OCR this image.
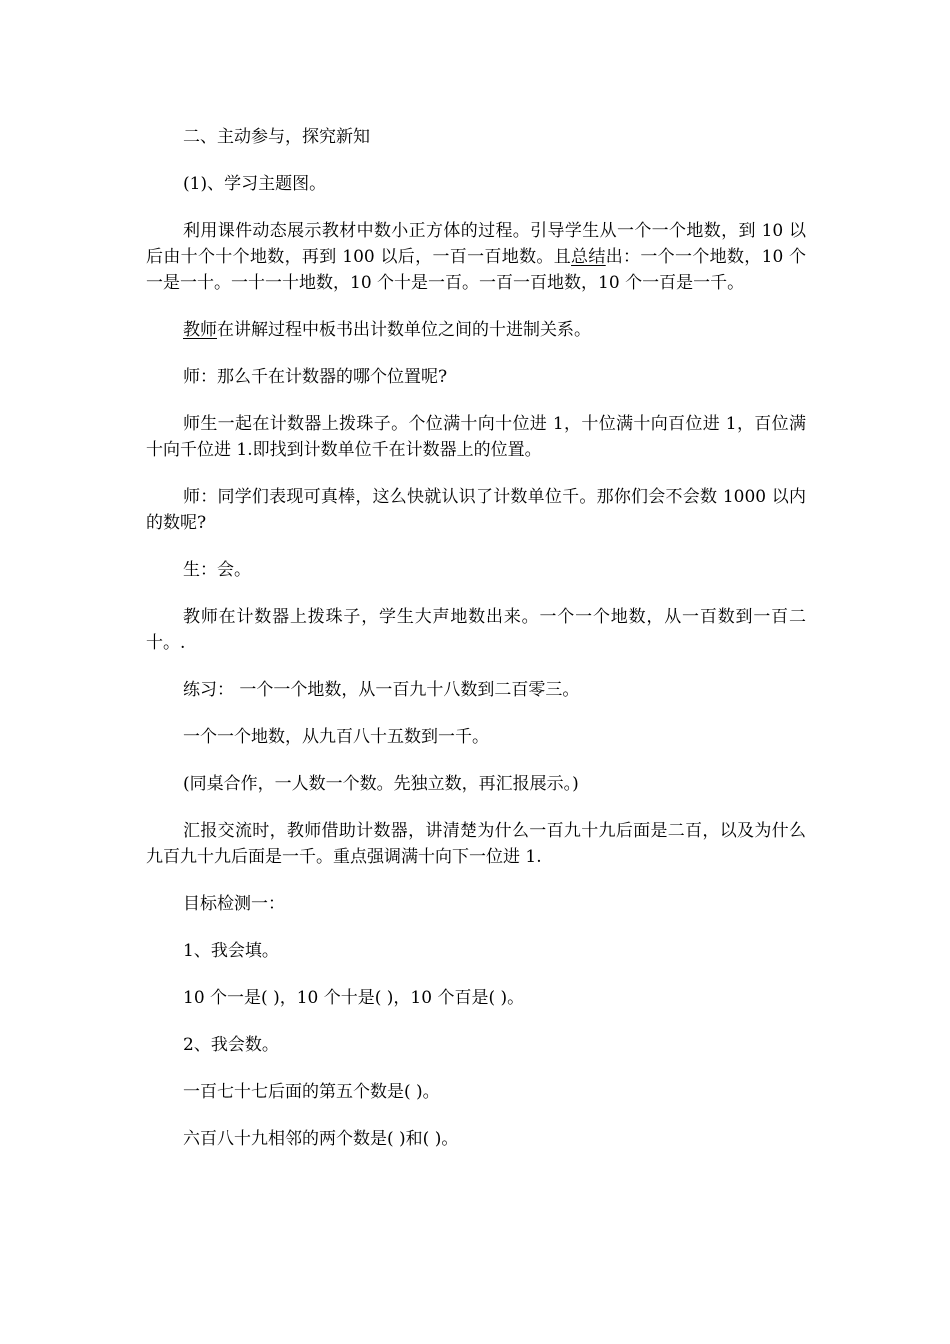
二、主动参与，探究新知

(1)、学习主题图。

利用课件动态展示教材中数小正方体的过程。引导学生从一个一个地数，到 10 以后由十个十个地数，再到 100 以后，一百一百地数。且总结出：一个一个地数，10 个一是一十。一十一十地数，10 个十是一百。一百一百地数，10 个一百是一千。

教师在讲解过程中板书出计数单位之间的十进制关系。

师：那么千在计数器的哪个位置呢?

师生一起在计数器上拨珠子。个位满十向十位进 1，十位满十向百位进 1，百位满十向千位进 1.即找到计数单位千在计数器上的位置。

师：同学们表现可真棒，这么快就认识了计数单位千。那你们会不会数 1000 以内的数呢?

生：会。

教师在计数器上拨珠子，学生大声地数出来。一个一个地数，从一百数到一百二十。.

练习： 一个一个地数，从一百九十八数到二百零三。

一个一个地数，从九百八十五数到一千。

(同桌合作，一人数一个数。先独立数，再汇报展示。)

汇报交流时，教师借助计数器，讲清楚为什么一百九十九后面是二百，以及为什么九百九十九后面是一千。重点强调满十向下一位进 1.

目标检测一：

1、我会填。

10 个一是( )，10 个十是( )，10 个百是( )。

2、我会数。

一百七十七后面的第五个数是( )。

六百八十九相邻的两个数是( )和( )。
